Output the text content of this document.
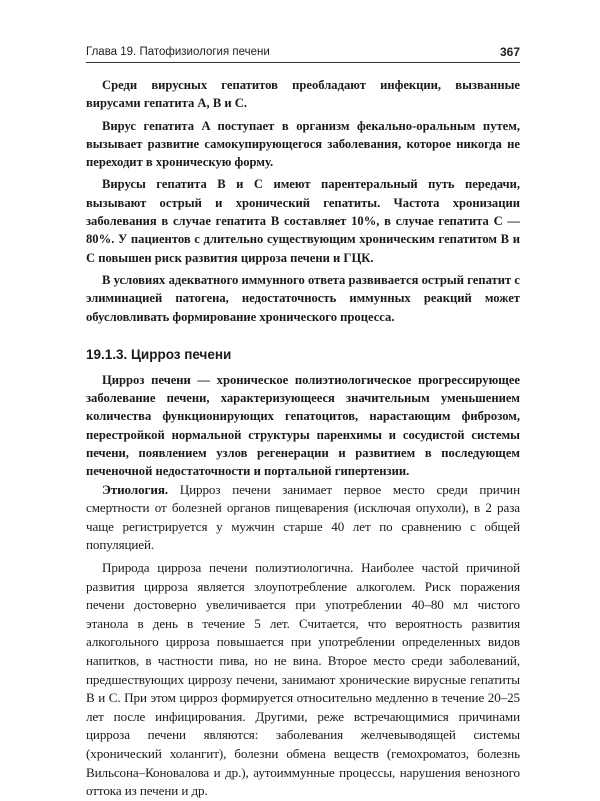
Глава 19. Патофизиология печени	367

Среди вирусных гепатитов преобладают инфекции, вызванные вирусами гепатита A, B и C.

Вирус гепатита A поступает в организм фекально-оральным путем, вызывает развитие самокупирующегося заболевания, которое никогда не переходит в хроническую форму.

Вирусы гепатита B и C имеют парентеральный путь передачи, вызывают острый и хронический гепатиты. Частота хронизации заболевания в случае гепатита B составляет 10%, в случае гепатита C — 80%. У пациентов с длительно существующим хроническим гепатитом B и C повышен риск развития цирроза печени и ГЦК.

В условиях адекватного иммунного ответа развивается острый гепатит с элиминацией патогена, недостаточность иммунных реакций может обусловливать формирование хронического процесса.

19.1.3. Цирроз печени

Цирроз печени — хроническое полиэтиологическое прогрессирующее заболевание печени, характеризующееся значительным уменьшением количества функционирующих гепатоцитов, нарастающим фиброзом, перестройкой нормальной структуры паренхимы и сосудистой системы печени, появлением узлов регенерации и развитием в последующем печеночной недостаточности и портальной гипертензии.

Этиология. Цирроз печени занимает первое место среди причин смертности от болезней органов пищеварения (исключая опухоли), в 2 раза чаще регистрируется у мужчин старше 40 лет по сравнению с общей популяцией.

Природа цирроза печени полиэтиологична. Наиболее частой причиной развития цирроза является злоупотребление алкоголем. Риск поражения печени достоверно увеличивается при употреблении 40–80 мл чистого этанола в день в течение 5 лет. Считается, что вероятность развития алкогольного цирроза повышается при употреблении определенных видов напитков, в частности пива, но не вина. Второе место среди заболеваний, предшествующих циррозу печени, занимают хронические вирусные гепатиты B и C. При этом цирроз формируется относительно медленно в течение 20–25 лет после инфицирования. Другими, реже встречающимися причинами цирроза печени являются: заболевания желчевыводящей системы (хронический холангит), болезни обмена веществ (гемохроматоз, болезнь Вильсона–Коновалова и др.), аутоиммунные процессы, нарушения венозного оттока из печени и др.
